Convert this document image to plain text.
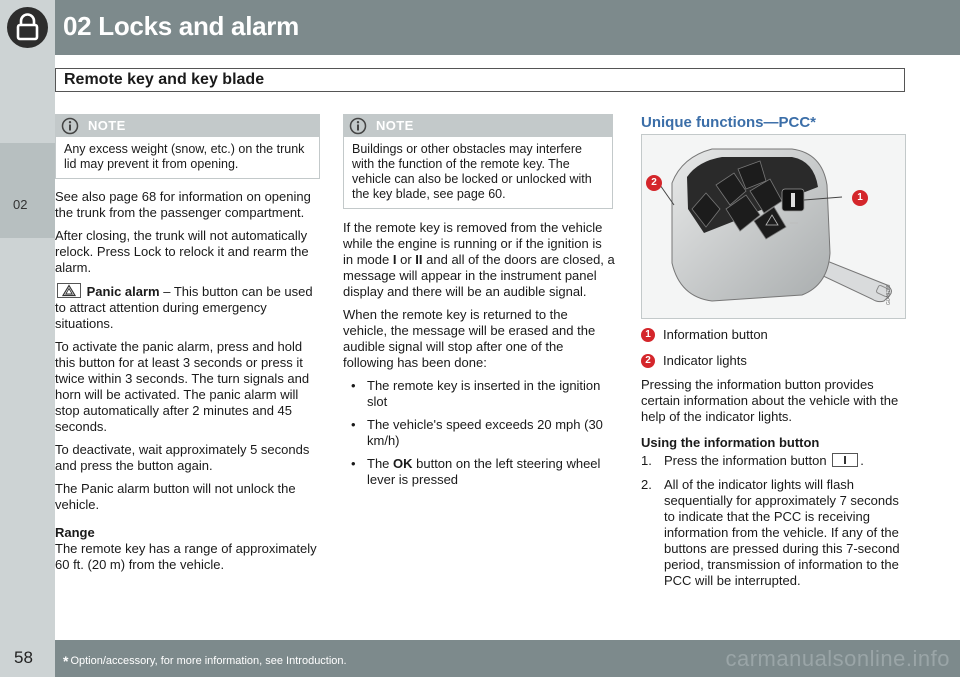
02 Locks and alarm
02
Remote key and key blade
NOTE
Any excess weight (snow, etc.) on the trunk lid may prevent it from opening.

See also page 68 for information on opening the trunk from the passenger compartment.

After closing, the trunk will not automatically relock. Press Lock to relock it and rearm the alarm.

Panic alarm – This button can be used to attract attention during emergency situations.

To activate the panic alarm, press and hold this button for at least 3 seconds or press it twice within 3 seconds. The turn signals and horn will be activated. The panic alarm will stop automatically after 2 minutes and 45 seconds.

To deactivate, wait approximately 5 seconds and press the button again.

The Panic alarm button will not unlock the vehicle.

Range

The remote key has a range of approximately 60 ft. (20 m) from the vehicle.

NOTE
Buildings or other obstacles may interfere with the function of the remote key. The vehicle can also be locked or unlocked with the key blade, see page 60.

If the remote key is removed from the vehicle while the engine is running or if the ignition is in mode I or II and all of the doors are closed, a message will appear in the instrument panel display and there will be an audible signal.

When the remote key is returned to the vehicle, the message will be erased and the audible signal will stop after one of the following has been done:

• The remote key is inserted in the ignition slot
• The vehicle's speed exceeds 20 mph (30 km/h)
• The OK button on the left steering wheel lever is pressed
Unique functions—PCC*
G043799
2
1
1 Information button
2 Indicator lights

Pressing the information button provides certain information about the vehicle with the help of the indicator lights.

Using the information button
1. Press the information button
.
2. All of the indicator lights will flash sequentially for approximately 7 seconds to indicate that the PCC is receiving information from the vehicle. If any of the buttons are pressed during this 7-second period, transmission of information to the PCC will be interrupted.
58 * Option/accessory, for more information, see Introduction.	carmanualsonline.info
